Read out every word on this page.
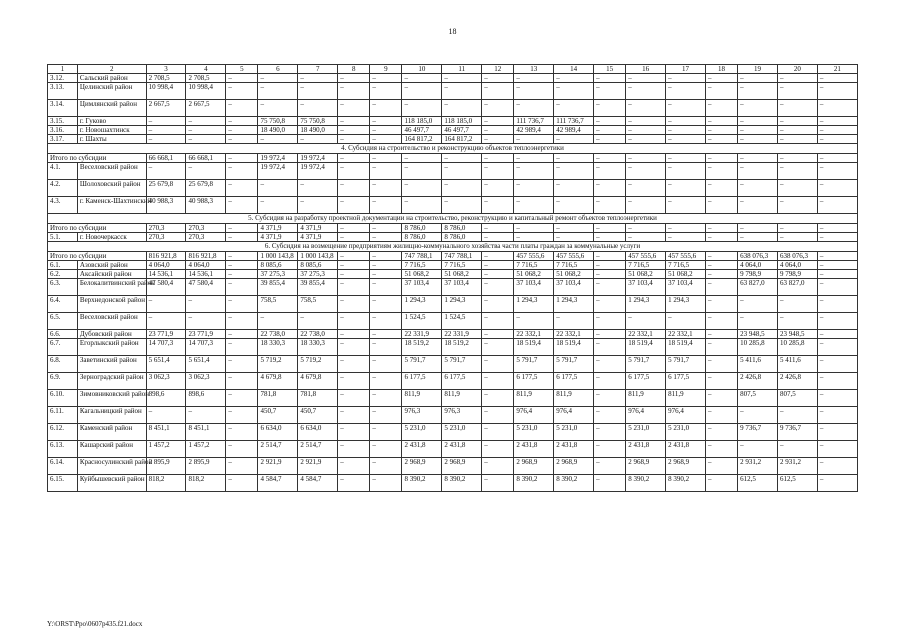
18
1	2	3	4	5	6	7	8	9	10	11	12	13	14	15	16	17	18	19	20	21
3.12.	Сальский район	2 708,5	2 708,5	–	–	–	–	–	–	–	–	–	–	–	–	–	–	–	–	–
3.13.	Целинский район	10 998,4	10 998,4	–	–	–	–	–	–	–	–	–	–	–	–	–	–	–	–	–
3.14.	Цимлянский район	2 667,5	2 667,5	–	–	–	–	–	–	–	–	–	–	–	–	–	–	–	–	–
3.15.	г. Гуково	–	–	–	75 750,8	75 750,8	–	–	118 185,0	118 185,0	–	111 736,7	111 736,7	–	–	–	–	–	–	–
3.16.	г. Новошахтинск	–	–	–	18 490,0	18 490,0	–	–	46 497,7	46 497,7	–	42 989,4	42 989,4	–	–	–	–	–	–	–
3.17.	г. Шахты	–	–	–	–	–	–	–	164 817,2	164 817,2	–	–	–	–	–	–	–	–	–	–
4. Субсидия на строительство и реконструкцию объектов теплоэнергетики																				
Итого по субсидии		66 668,1	66 668,1	–	19 972,4	19 972,4	–	–	–	–	–	–	–	–	–	–	–	–	–	–
4.1.	Веселовский район	–	–	–	19 972,4	19 972,4	–	–	–	–	–	–	–	–	–	–	–	–	–	–
4.2.	Шолоховский район	25 679,8	25 679,8	–	–	–	–	–	–	–	–	–	–	–	–	–	–	–	–	–
4.3.	г. Каменск-Шахтинский	40 988,3	40 988,3	–	–	–	–	–	–	–	–	–	–	–	–	–	–	–	–	–
5. Субсидия на разработку проектной документации на строительство, реконструкцию и капитальный ремонт объектов теплоэнергетики																				
Итого по субсидии		270,3	270,3	–	4 371,9	4 371,9	–	–	8 786,0	8 786,0	–	–	–	–	–	–	–	–	–	–
5.1.	г. Новочеркасск	270,3	270,3	–	4 371,9	4 371,9	–	–	8 786,0	8 786,0	–	–	–	–	–	–	–	–	–	–
6. Субсидия на возмещение предприятиям жилищно-коммунального хозяйства части платы граждан за коммунальные услуги																				
Итого по субсидии		816 921,8	816 921,8	–	1 000 143,8	1 000 143,8	–	–	747 788,1	747 788,1	–	457 555,6	457 555,6	–	457 555,6	457 555,6	–	638 076,3	638 076,3	–
6.1.	Азовский район	4 064,0	4 064,0	–	8 085,6	8 085,6	–	–	7 716,5	7 716,5	–	7 716,5	7 716,5	–	7 716,5	7 716,5	–	4 064,0	4 064,0	–
6.2.	Аксайский район	14 536,1	14 536,1	–	37 275,3	37 275,3	–	–	51 068,2	51 068,2	–	51 068,2	51 068,2	–	51 068,2	51 068,2	–	9 798,9	9 798,9	–
6.3.	Белокалитвинский район	47 580,4	47 580,4	–	39 855,4	39 855,4	–	–	37 103,4	37 103,4	–	37 103,4	37 103,4	–	37 103,4	37 103,4	–	63 827,0	63 827,0	–
6.4.	Верхнедонской район	–	–	–	758,5	758,5	–	–	1 294,3	1 294,3	–	1 294,3	1 294,3	–	1 294,3	1 294,3	–	–	–	–
6.5.	Веселовский район	–	–	–	–	–	–	–	1 524,5	1 524,5	–	–	–	–	–	–	–	–	–	–
6.6.	Дубовский район	23 771,9	23 771,9	–	22 738,0	22 738,0	–	–	22 331,9	22 331,9	–	22 332,1	22 332,1	–	22 332,1	22 332,1	–	23 948,5	23 948,5	–
6.7.	Егорлыкский район	14 707,3	14 707,3	–	18 330,3	18 330,3	–	–	18 519,2	18 519,2	–	18 519,4	18 519,4	–	18 519,4	18 519,4	–	10 285,8	10 285,8	–
6.8.	Заветинский район	5 651,4	5 651,4	–	5 719,2	5 719,2	–	–	5 791,7	5 791,7	–	5 791,7	5 791,7	–	5 791,7	5 791,7	–	5 411,6	5 411,6	–
6.9.	Зерноградский район	3 062,3	3 062,3	–	4 679,8	4 679,8	–	–	6 177,5	6 177,5	–	6 177,5	6 177,5	–	6 177,5	6 177,5	–	2 426,8	2 426,8	–
6.10.	Зимовниковский район	898,6	898,6	–	781,8	781,8	–	–	811,9	811,9	–	811,9	811,9	–	811,9	811,9	–	807,5	807,5	–
6.11.	Кагальницкий район	–	–	–	450,7	450,7	–	–	976,3	976,3	–	976,4	976,4	–	976,4	976,4	–	–	–	–
6.12.	Каменский район	8 451,1	8 451,1	–	6 634,0	6 634,0	–	–	5 231,0	5 231,0	–	5 231,0	5 231,0	–	5 231,0	5 231,0	–	9 736,7	9 736,7	–
6.13.	Кашарский район	1 457,2	1 457,2	–	2 514,7	2 514,7	–	–	2 431,8	2 431,8	–	2 431,8	2 431,8	–	2 431,8	2 431,8	–	–	–	–
6.14.	Красносулинский район	2 895,9	2 895,9	–	2 921,9	2 921,9	–	–	2 968,9	2 968,9	–	2 968,9	2 968,9	–	2 968,9	2 968,9	–	2 931,2	2 931,2	–
6.15.	Куйбышевский район	818,2	818,2	–	4 584,7	4 584,7	–	–	8 390,2	8 390,2	–	8 390,2	8 390,2	–	8 390,2	8 390,2	–	612,5	612,5	–
Y:\ORST\Ppo\0607p435.f21.docx
